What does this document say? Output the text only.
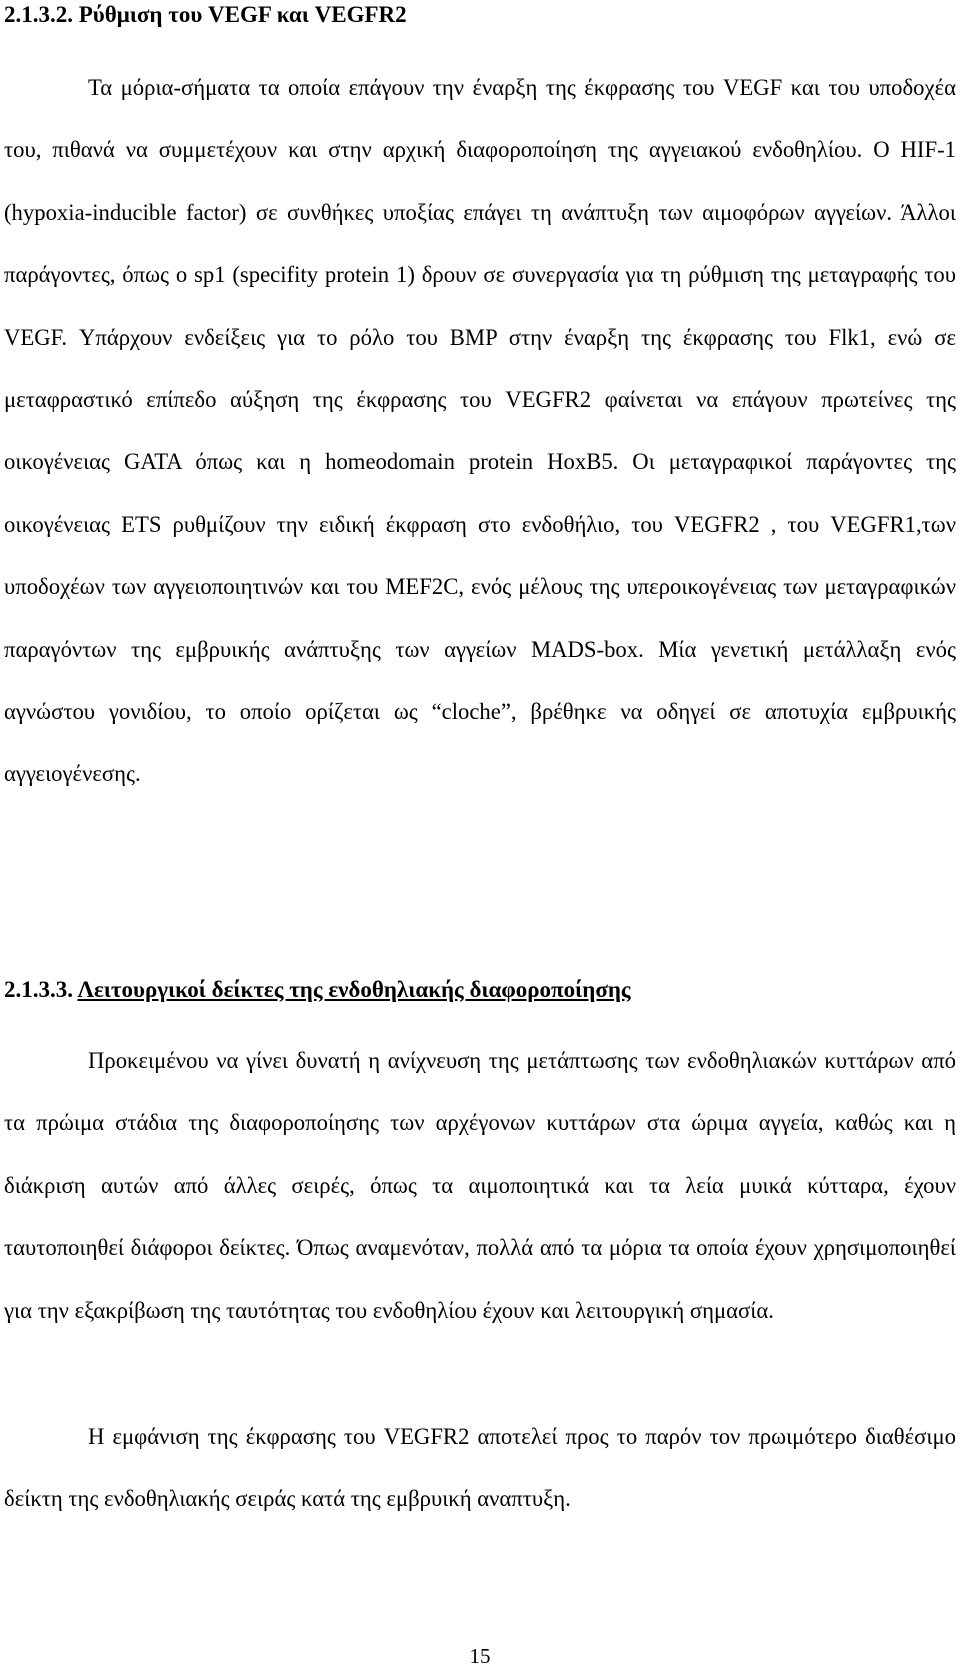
2.1.3.2. Ρύθμιση του VEGF και VEGFR2

Τα μόρια-σήματα τα οποία επάγουν την έναρξη της έκφρασης του VEGF και του υποδοχέα του, πιθανά να συμμετέχουν και στην αρχική διαφοροποίηση της αγγειακού ενδοθηλίου. Ο HIF-1 (hypoxia-inducible factor) σε συνθήκες υποξίας επάγει τη ανάπτυξη των αιμοφόρων αγγείων. Άλλοι παράγοντες, όπως ο sp1 (specifity protein 1) δρουν σε συνεργασία για τη ρύθμιση της μεταγραφής του VEGF. Υπάρχουν ενδείξεις για το ρόλο του BMP στην έναρξη της έκφρασης του Flk1, ενώ σε μεταφραστικό επίπεδο αύξηση της έκφρασης του VEGFR2 φαίνεται να επάγουν πρωτείνες της οικογένειας GATA όπως και η homeodomain protein HoxB5. Οι μεταγραφικοί παράγοντες της οικογένειας ETS ρυθμίζουν την ειδική έκφραση στο ενδοθήλιο, του VEGFR2 , του VEGFR1,των υποδοχέων των αγγειοποιητινών και του MEF2C, ενός μέλους της υπεροικογένειας των μεταγραφικών παραγόντων της εμβρυικής ανάπτυξης των αγγείων MADS-box. Μία γενετική μετάλλαξη ενός αγνώστου γονιδίου, το οποίο ορίζεται ως “cloche”, βρέθηκε να οδηγεί σε αποτυχία εμβρυικής αγγειογένεσης.

2.1.3.3. Λειτουργικοί δείκτες της ενδοθηλιακής διαφοροποίησης

Προκειμένου να γίνει δυνατή η ανίχνευση της μετάπτωσης των ενδοθηλιακών κυττάρων από τα πρώιμα στάδια της διαφοροποίησης των αρχέγονων κυττάρων στα ώριμα αγγεία, καθώς και η διάκριση αυτών από άλλες σειρές, όπως τα αιμοποιητικά και τα λεία μυικά κύτταρα, έχουν ταυτοποιηθεί διάφοροι δείκτες. Όπως αναμενόταν, πολλά από τα μόρια τα οποία έχουν χρησιμοποιηθεί για την εξακρίβωση της ταυτότητας του ενδοθηλίου έχουν και λειτουργική σημασία.

Η εμφάνιση της έκφρασης του VEGFR2 αποτελεί προς το παρόν τον πρωιμότερο διαθέσιμο δείκτη της ενδοθηλιακής σειράς κατά της εμβρυική αναπτυξη.

15
